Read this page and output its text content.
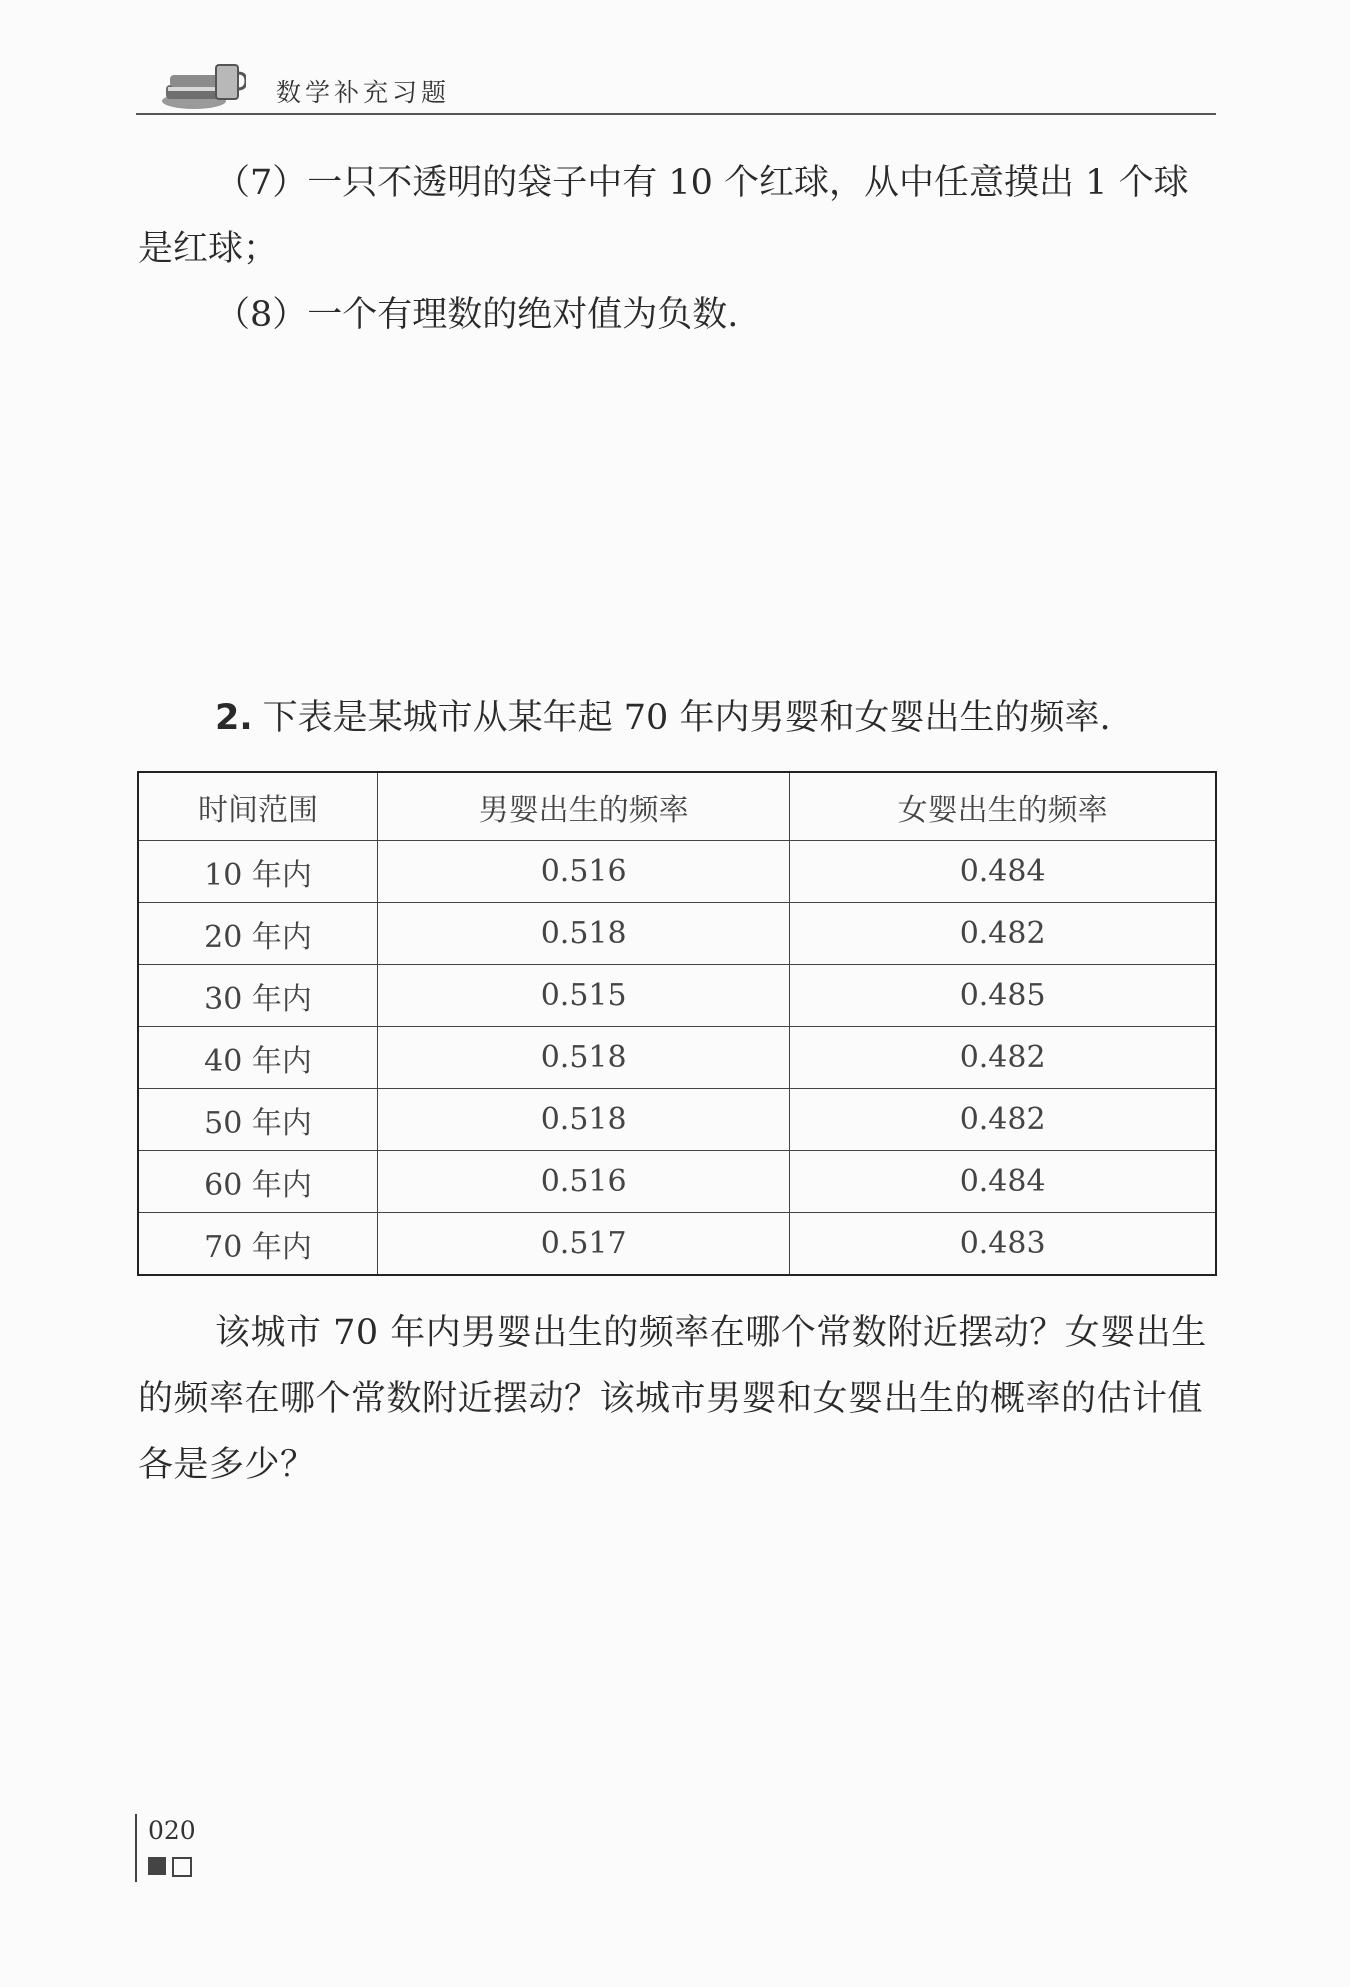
数学补充习题
（7）一只不透明的袋子中有 10 个红球，从中任意摸出 1 个球是红球；
（8）一个有理数的绝对值为负数.
2. 下表是某城市从某年起 70 年内男婴和女婴出生的频率.
时间范围	男婴出生的频率	女婴出生的频率
10 年内	0.516	0.484
20 年内	0.518	0.482
30 年内	0.515	0.485
40 年内	0.518	0.482
50 年内	0.518	0.482
60 年内	0.516	0.484
70 年内	0.517	0.483
该城市 70 年内男婴出生的频率在哪个常数附近摆动？女婴出生的频率在哪个常数附近摆动？该城市男婴和女婴出生的概率的估计值各是多少？
020
